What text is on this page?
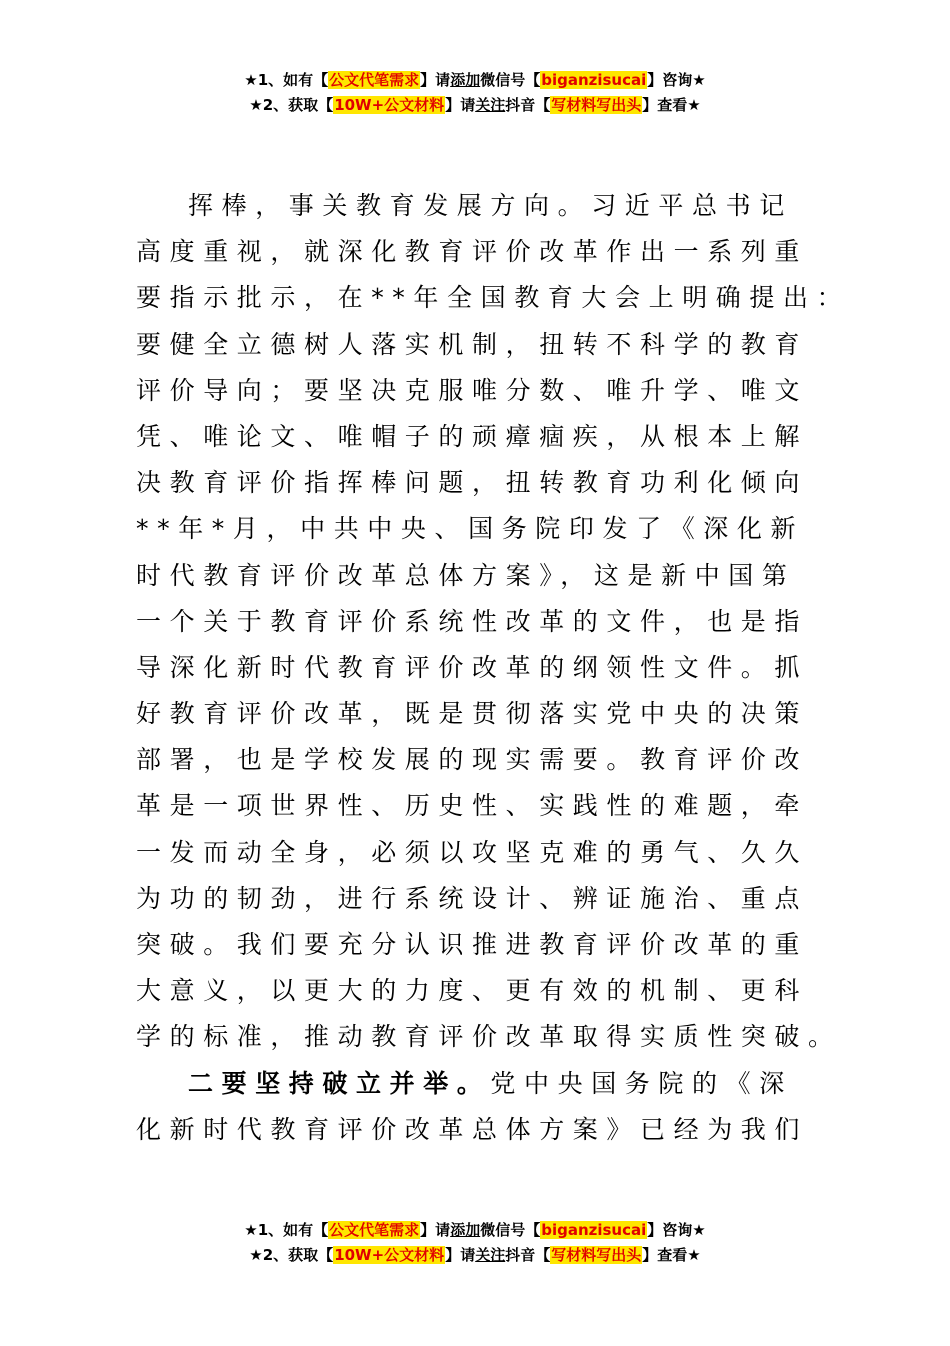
★1、如有【公文代笔需求】请添加微信号【biganzisucai】咨询★
★2、获取【10W+公文材料】请关注抖音【写材料写出头】查看★
挥棒，事关教育发展方向。习近平总书记
高度重视，就深化教育评价改革作出一系列重
要指示批示，在**年全国教育大会上明确提出：
要健全立德树人落实机制，扭转不科学的教育
评价导向；要坚决克服唯分数、唯升学、唯文
凭、唯论文、唯帽子的顽瘴痼疾，从根本上解
决教育评价指挥棒问题，扭转教育功利化倾向
**年*月，中共中央、国务院印发了《深化新
时代教育评价改革总体方案》，这是新中国第
一个关于教育评价系统性改革的文件，也是指
导深化新时代教育评价改革的纲领性文件。抓
好教育评价改革，既是贯彻落实党中央的决策
部署，也是学校发展的现实需要。教育评价改
革是一项世界性、历史性、实践性的难题，牵
一发而动全身，必须以攻坚克难的勇气、久久
为功的韧劲，进行系统设计、辨证施治、重点
突破。我们要充分认识推进教育评价改革的重
大意义，以更大的力度、更有效的机制、更科
学的标准，推动教育评价改革取得实质性突破。
二要坚持破立并举。党中央国务院的《深
化新时代教育评价改革总体方案》已经为我们
★1、如有【公文代笔需求】请添加微信号【biganzisucai】咨询★
★2、获取【10W+公文材料】请关注抖音【写材料写出头】查看★
